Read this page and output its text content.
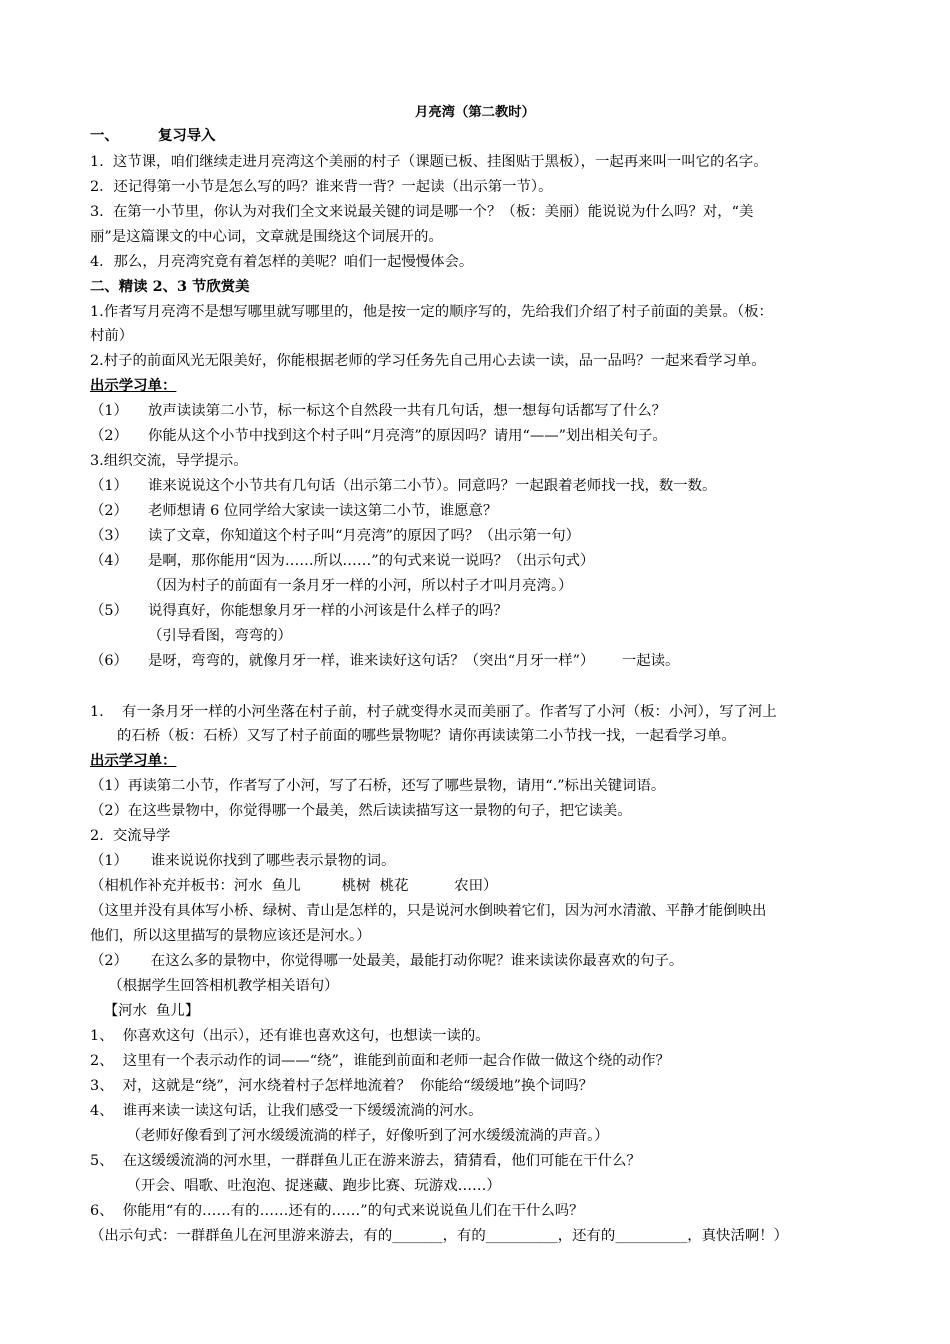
月亮湾（第二教时）
一、	复习导入
1.  这节课，咱们继续走进月亮湾这个美丽的村子（课题已板、挂图贴于黑板），一起再来叫一叫它的名字。
2．还记得第一小节是怎么写的吗？谁来背一背？一起读（出示第一节）。
3.  在第一小节里，你认为对我们全文来说最关键的词是哪一个？（板：美丽）能说说为什么吗？对，“美
丽”是这篇课文的中心词，文章就是围绕这个词展开的。
4．那么，月亮湾究竟有着怎样的美呢？咱们一起慢慢体会。
二、精读 2、3 节欣赏美
1.作者写月亮湾不是想写哪里就写哪里的，他是按一定的顺序写的，先给我们介绍了村子前面的美景。（板：
村前）
2.村子的前面风光无限美好，你能根据老师的学习任务先自己用心去读一读，品一品吗？一起来看学习单。
出示学习单：
（1） 放声读读第二小节，标一标这个自然段一共有几句话，想一想每句话都写了什么？
（2） 你能从这个小节中找到这个村子叫“月亮湾”的原因吗？请用“——”划出相关句子。
3.组织交流，导学提示。
（1） 谁来说说这个小节共有几句话（出示第二小节）。同意吗？一起跟着老师找一找，数一数。
（2） 老师想请 6 位同学给大家读一读这第二小节，谁愿意？
（3） 读了文章，你知道这个村子叫“月亮湾”的原因了吗？（出示第一句）
（4） 是啊，那你能用“因为……所以……”的句式来说一说吗？（出示句式）
（因为村子的前面有一条月牙一样的小河，所以村子才叫月亮湾。）
（5） 说得真好，你能想象月牙一样的小河该是什么样子的吗？
（引导看图，弯弯的）
（6） 是呀，弯弯的，就像月牙一样，谁来读好这句话？（突出“月牙一样”）      一起读。
1.    有一条月牙一样的小河坐落在村子前，村子就变得水灵而美丽了。作者写了小河（板：小河），写了河上
的石桥（板：石桥）又写了村子前面的哪些景物呢？请你再读读第二小节找一找，一起看学习单。
出示学习单：
（1）再读第二小节，作者写了小河，写了石桥，还写了哪些景物，请用“.”标出关键词语。
（2）在这些景物中，你觉得哪一个最美，然后读读描写这一景物的句子，把它读美。
2.  交流导学
（1）     谁来说说你找到了哪些表示景物的词。
（相机作补充并板书：河水  鱼儿         桃树  桃花          农田）
（这里并没有具体写小桥、绿树、青山是怎样的，只是说河水倒映着它们，因为河水清澈、平静才能倒映出
他们，所以这里描写的景物应该还是河水。）
（2）     在这么多的景物中，你觉得哪一处最美，最能打动你呢？谁来读读你最喜欢的句子。
（根据学生回答相机教学相关语句）
【河水  鱼儿】
1、  你喜欢这句（出示），还有谁也喜欢这句，也想读一读的。
2、  这里有一个表示动作的词——“绕”，谁能到前面和老师一起合作做一做这个绕的动作？
3、  对，这就是“绕”，河水绕着村子怎样地流着？  你能给“缓缓地”换个词吗？
4、  谁再来读一读这句话，让我们感受一下缓缓流淌的河水。
（老师好像看到了河水缓缓流淌的样子，好像听到了河水缓缓流淌的声音。）
5、  在这缓缓流淌的河水里，一群群鱼儿正在游来游去，猜猜看，他们可能在干什么？
（开会、唱歌、吐泡泡、捉迷藏、跑步比赛、玩游戏……）
6、  你能用“有的……有的……还有的……”的句式来说说鱼儿们在干什么吗？
（出示句式：一群群鱼儿在河里游来游去，有的_______，有的__________，还有的__________，真快活啊！）
